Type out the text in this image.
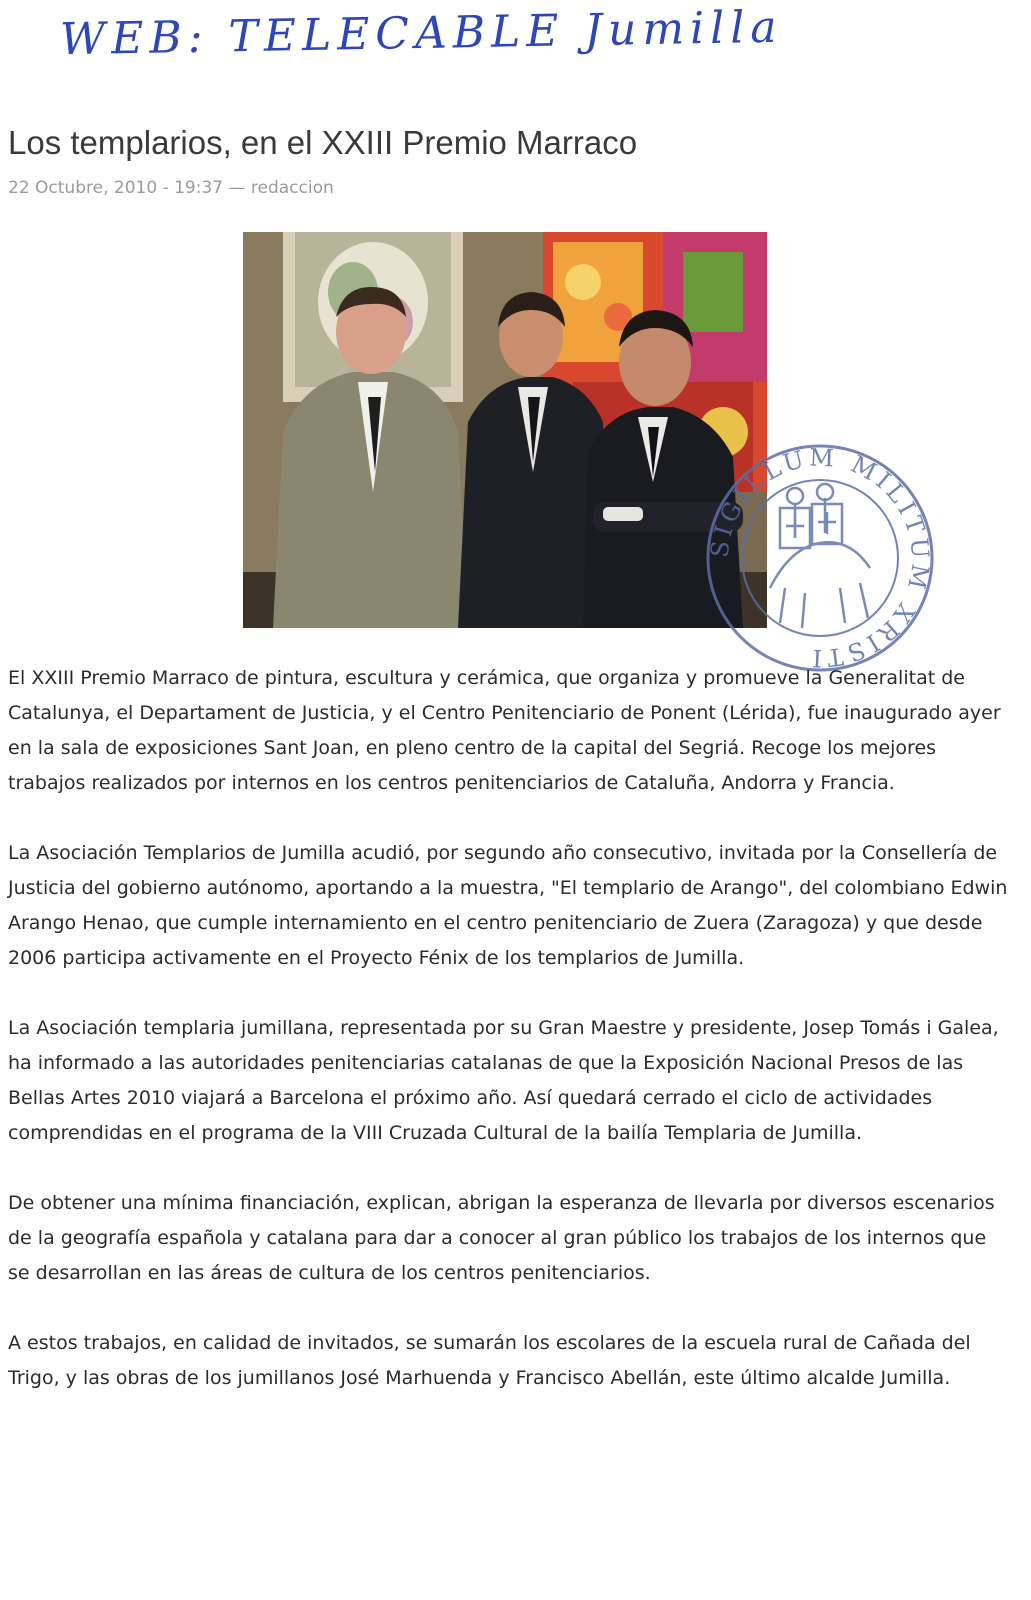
WEB: TELECABLE Jumilla
Los templarios, en el XXIII Premio Marraco
22 Octubre, 2010 - 19:37 — redaccion
SIGILLUM MILITUM XRISTI

El XXIII Premio Marraco de pintura, escultura y cerámica, que organiza y promueve la Generalitat de Catalunya, el Departament de Justicia, y el Centro Penitenciario de Ponent (Lérida), fue inaugurado ayer en la sala de exposiciones Sant Joan, en pleno centro de la capital del Segriá. Recoge los mejores trabajos realizados por internos en los centros penitenciarios de Cataluña, Andorra y Francia.

La Asociación Templarios de Jumilla acudió, por segundo año consecutivo, invitada por la Consellería de Justicia del gobierno autónomo, aportando a la muestra, "El templario de Arango", del colombiano Edwin Arango Henao, que cumple internamiento en el centro penitenciario de Zuera (Zaragoza) y que desde 2006 participa activamente en el Proyecto Fénix de los templarios de Jumilla.

La Asociación templaria jumillana, representada por su Gran Maestre y presidente, Josep Tomás i Galea, ha informado a las autoridades penitenciarias catalanas de que la Exposición Nacional Presos de las Bellas Artes 2010 viajará a Barcelona el próximo año. Así quedará cerrado el ciclo de actividades comprendidas en el programa de la VIII Cruzada Cultural de la bailía Templaria de Jumilla.

De obtener una mínima financiación, explican, abrigan la esperanza de llevarla por diversos escenarios de la geografía española y catalana para dar a conocer al gran público los trabajos de los internos que se desarrollan en las áreas de cultura de los centros penitenciarios.

A estos trabajos, en calidad de invitados, se sumarán los escolares de la escuela rural de Cañada del Trigo, y las obras de los jumillanos José Marhuenda y Francisco Abellán, este último alcalde Jumilla.
